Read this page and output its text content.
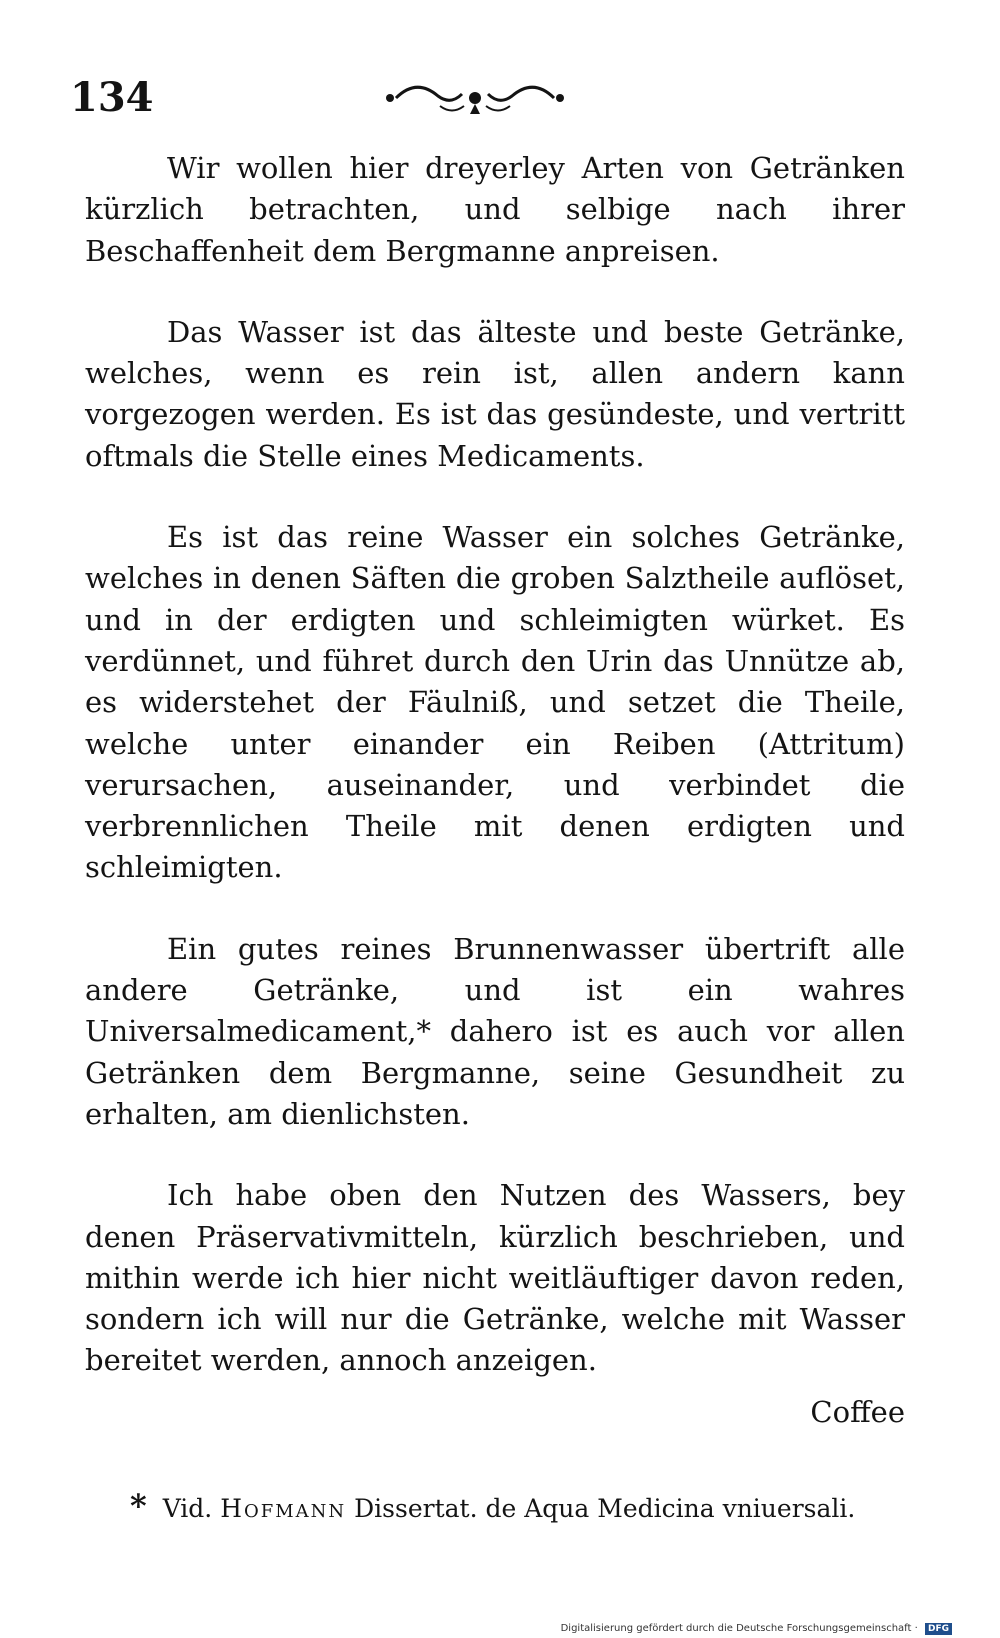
134

Wir wollen hier dreyerley Arten von Getränken kürzlich betrachten, und selbige nach ihrer Beschaffenheit dem Bergmanne anpreisen.

Das Wasser ist das älteste und beste Getränke, welches, wenn es rein ist, allen andern kann vorgezogen werden. Es ist das gesündeste, und vertritt oftmals die Stelle eines Medicaments.

Es ist das reine Wasser ein solches Getränke, welches in denen Säften die groben Salztheile auflöset, und in der erdigten und schleimigten würket. Es verdünnet, und führet durch den Urin das Unnütze ab, es widerstehet der Fäulniß, und setzet die Theile, welche unter einander ein Reiben (Attritum) verursachen, auseinander, und verbindet die verbrennlichen Theile mit denen erdigten und schleimigten.

Ein gutes reines Brunnenwasser übertrift alle andere Getränke, und ist ein wahres Universalmedicament,* dahero ist es auch vor allen Getränken dem Bergmanne, seine Gesundheit zu erhalten, am dienlichsten.

Ich habe oben den Nutzen des Wassers, bey denen Präservativmitteln, kürzlich beschrieben, und mithin werde ich hier nicht weitläuftiger davon reden, sondern ich will nur die Getränke, welche mit Wasser bereitet werden, annoch anzeigen.

Coffee
* Vid. Hofmann Dissertat. de Aqua Medicina vniuersali.
Digitalisierung gefördert durch die Deutsche Forschungsgemeinschaft · DFG
